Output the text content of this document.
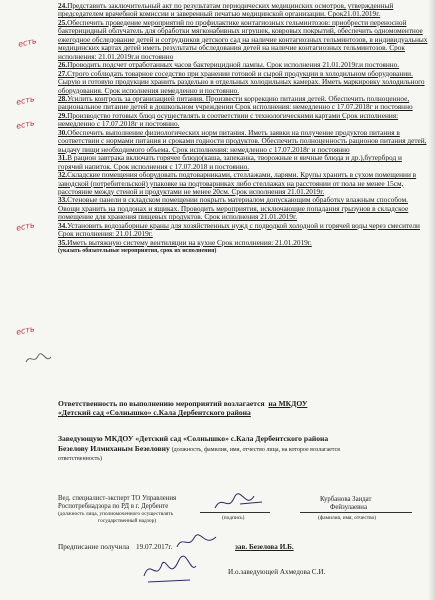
24.Представить заключительный акт по результатам периодических медицинских осмотров, утвержденный председателем врачебной комиссии и заверенный печатью медицинской организации. Срок21.01.2019г.

25.Обеспечить проведение мероприятий по профилактике контагиозных гельминтозов: приобрести переносной бактерицидный облучатель для обработки мягконабивных игрушек, ковровых покрытий, обеспечить одномоментное ежегодное обследование детей и сотрудников детского сад на наличие контагиозных гельминтозов, в индивидуальных медицинских картах детей иметь результаты обследования детей на наличие контагиозных гельминтозов. Срок исполнения: 21.01.2019г.и постоянно

26.Проводить подсчет отработанных часов бактерицидной лампы. Срок исполнения 21.01.2019г.и постоянно.

27.Строго соблюдать товарное соседство при хранении готовой и сырой продукции в холодильном оборудовании. Сырую и готовую продукции хранить раздельно в отдельных холодильных камерах. Иметь маркировку холодильного оборудования. Срок исполнения немедленно и постоянно.

28.Усилить контроль за организацией питания. Произвести коррекцию питания детей. Обеспечить полноценное, рациональное питание детей в дошкольном учреждении Срок исполнения: немедленно с 17.07.2018г и постоянно

29.Производство готовых блюд осуществлять в соответствии с технологическими картами Срок исполнения: немедленно с 17.07.2018г и постоянно.

30.Обеспечить выполнение физиологических норм питания. Иметь заявки на получение продуктов питания в соответствии с нормами питания и сроками годности продуктов. Обеспечить полноценность рационов питания детей, выдачу пищи необходимого объема. Срок исполнения: немедленно с 17.07.2018г и постоянно

31.В рацион завтрака включать горячее блюдо(каша, запеканка, творожные и яичные блюда и др.),бутерброд и горячий напиток. Срок исполнения с 17.07.2018 и постоянно.

32.Складские помещения оборудовать подтоварниками, стеллажами, ларями. Крупы хранить в сухом помещении в заводской (потребительской) упаковке на подтоварниках либо стеллажах на расстоянии от пола не менее 15см, расстояние между стеной и продуктами не менее 20см. Срок исполнения 21.01.2019г.

33.Стеновые панели в складском помещении покрыть материалом допускающим обработку влажным способом. Овощи хранить на поддонах и ящиках. Проводить мероприятия, исключающие попадания грызунов в складское помещение для хранения пищевых продуктов. Срок исполнения 21.01.2019г.

34.Установить водозаборные краны для хозяйственных нужд с подводкой холодной и горячей воды через смесители Срок исполнения: 21.01.2019г.

35.Иметь вытяжную систему вентиляции на кухне Срок исполнения: 21.01.2019г.

(указать обязательные мероприятия, срок их исполнения)

есть
есть
есть
есть
есть
Ответственность по выполнению мероприятий возлагается на МКДОУ
«Детский сад «Солнышко» с.Кала Дербентского района
Заведующую МКДОУ «Детский сад «Солнышко» с.Кала Дербентского района
Безелову Илмиханым Безеловну (должность, фамилия, имя, отчество лица, на которое возлагается
ответственность)
Вед. специалист-эксперт ТО Управления
Роспотребнадзора по РД в г. Дербенте
(должность лица, уполномоченного осуществлять
государственный надзор)	(подпись)
Курбанова Заидат
Фейзулаевна
(фамилия, имя, отчество)
Предписание получила 19.07.2017г.	зав. Безелова И.Б.
И.о.заведующей Ахмедова С.И.
